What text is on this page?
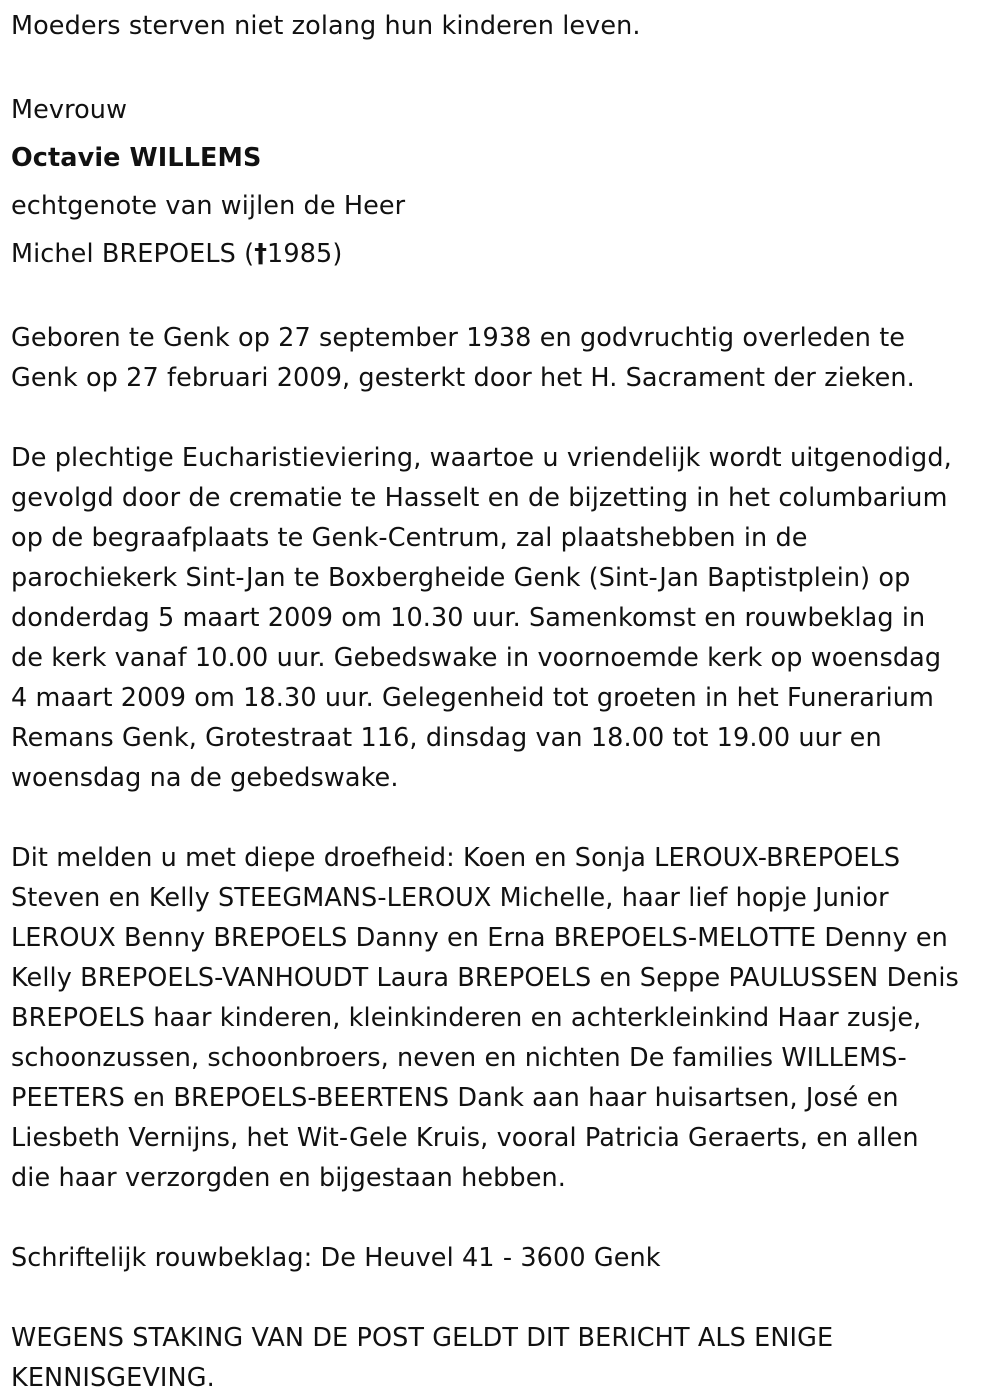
Moeders sterven niet zolang hun kinderen leven.

Mevrouw

Octavie WILLEMS

echtgenote van wijlen de Heer

Michel BREPOELS (†1985)

Geboren te Genk op 27 september 1938 en godvruchtig overleden te

Genk op 27 februari 2009, gesterkt door het H. Sacrament der zieken.

De plechtige Eucharistieviering, waartoe u vriendelijk wordt uitgenodigd,

gevolgd door de crematie te Hasselt en de bijzetting in het columbarium

op de begraafplaats te Genk-Centrum, zal plaatshebben in de

parochiekerk Sint-Jan te Boxbergheide Genk (Sint-Jan Baptistplein) op

donderdag 5 maart 2009 om 10.30 uur. Samenkomst en rouwbeklag in

de kerk vanaf 10.00 uur. Gebedswake in voornoemde kerk op woensdag

4 maart 2009 om 18.30 uur. Gelegenheid tot groeten in het Funerarium

Remans Genk, Grotestraat 116, dinsdag van 18.00 tot 19.00 uur en

woensdag na de gebedswake.

Dit melden u met diepe droefheid: Koen en Sonja LEROUX-BREPOELS

Steven en Kelly STEEGMANS-LEROUX Michelle, haar lief hopje Junior

LEROUX Benny BREPOELS Danny en Erna BREPOELS-MELOTTE Denny en

Kelly BREPOELS-VANHOUDT Laura BREPOELS en Seppe PAULUSSEN Denis

BREPOELS haar kinderen, kleinkinderen en achterkleinkind Haar zusje,

schoonzussen, schoonbroers, neven en nichten De families WILLEMS-

PEETERS en BREPOELS-BEERTENS Dank aan haar huisartsen, José en

Liesbeth Vernijns, het Wit-Gele Kruis, vooral Patricia Geraerts, en allen

die haar verzorgden en bijgestaan hebben.

Schriftelijk rouwbeklag: De Heuvel 41 - 3600 Genk

WEGENS STAKING VAN DE POST GELDT DIT BERICHT ALS ENIGE

KENNISGEVING.
